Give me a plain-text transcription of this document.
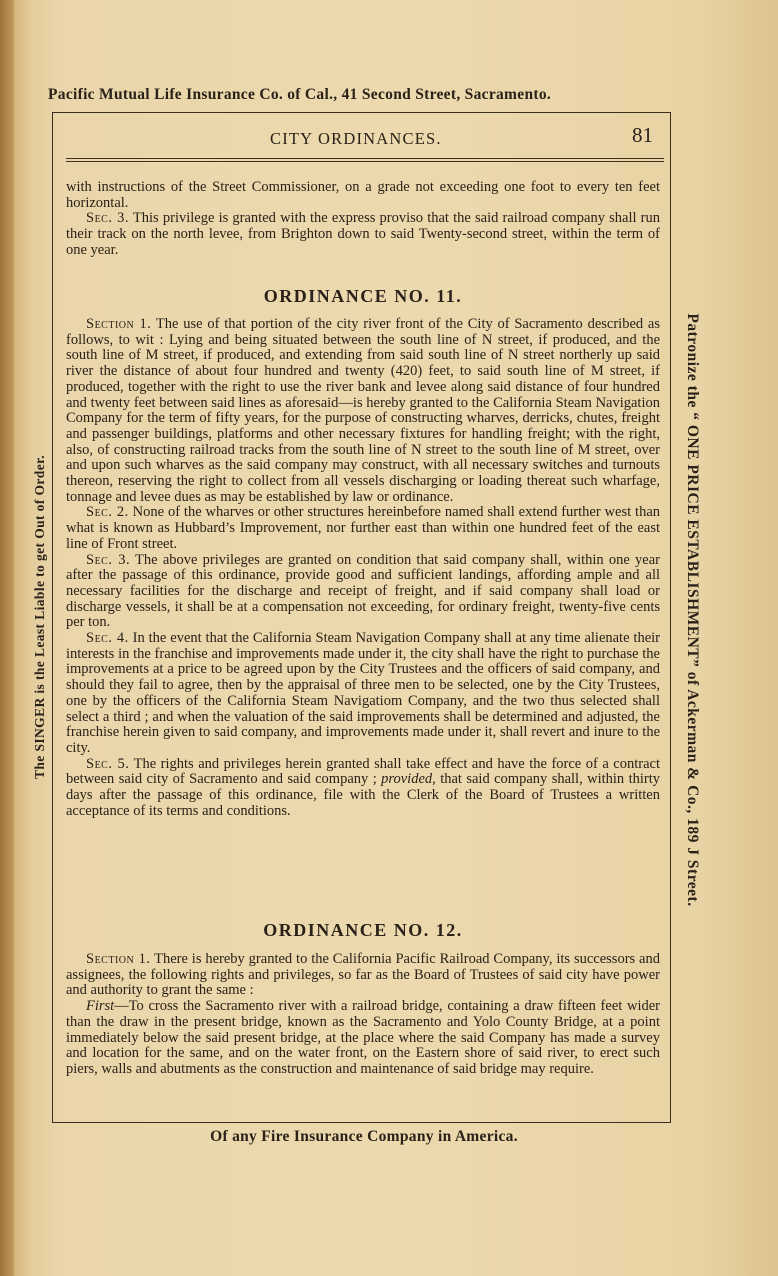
Pacific Mutual Life Insurance Co. of Cal., 41 Second Street, Sacramento.
The SINGER is the Least Liable to get Out of Order.	Patronize the “ ONE PRICE ESTABLISHMENT” of Ackerman & Co., 189 J Street.
CITY ORDINANCES.	81

with instructions of the Street Commissioner, on a grade not exceeding one foot to every ten feet horizontal.

Sec. 3. This privilege is granted with the express proviso that the said railroad company shall run their track on the north levee, from Brighton down to said Twenty-second street, within the term of one year.

ORDINANCE NO. 11.

Section 1. The use of that portion of the city river front of the City of Sacramento described as follows, to wit : Lying and being situated between the south line of N street, if produced, and the south line of M street, if produced, and extending from said south line of N street northerly up said river the distance of about four hundred and twenty (420) feet, to said south line of M street, if produced, together with the right to use the river bank and levee along said distance of four hundred and twenty feet between said lines as aforesaid—is hereby granted to the California Steam Navigation Company for the term of fifty years, for the purpose of constructing wharves, derricks, chutes, freight and passenger buildings, platforms and other necessary fixtures for handling freight; with the right, also, of constructing railroad tracks from the south line of N street to the south line of M street, over and upon such wharves as the said company may construct, with all necessary switches and turnouts thereon, reserving the right to collect from all vessels discharging or loading thereat such wharfage, tonnage and levee dues as may be established by law or ordinance.

Sec. 2. None of the wharves or other structures hereinbefore named shall extend further west than what is known as Hubbard’s Improvement, nor further east than within one hundred feet of the east line of Front street.

Sec. 3. The above privileges are granted on condition that said company shall, within one year after the passage of this ordinance, provide good and sufficient landings, affording ample and all necessary facilities for the discharge and receipt of freight, and if said company shall load or discharge vessels, it shall be at a compensation not exceeding, for ordinary freight, twenty-five cents per ton.

Sec. 4. In the event that the California Steam Navigation Company shall at any time alienate their interests in the franchise and improvements made under it, the city shall have the right to purchase the improvements at a price to be agreed upon by the City Trustees and the officers of said company, and should they fail to agree, then by the appraisal of three men to be selected, one by the City Trustees, one by the officers of the California Steam Navigatiom Company, and the two thus selected shall select a third ; and when the valuation of the said improvements shall be determined and adjusted, the franchise herein given to said company, and improvements made under it, shall revert and inure to the city.

Sec. 5. The rights and privileges herein granted shall take effect and have the force of a contract between said city of Sacramento and said company ; provided, that said company shall, within thirty days after the passage of this ordinance, file with the Clerk of the Board of Trustees a written acceptance of its terms and conditions.

ORDINANCE NO. 12.

Section 1. There is hereby granted to the California Pacific Railroad Company, its successors and assignees, the following rights and privileges, so far as the Board of Trustees of said city have power and authority to grant the same :

First—To cross the Sacramento river with a railroad bridge, containing a draw fifteen feet wider than the draw in the present bridge, known as the Sacramento and Yolo County Bridge, at a point immediately below the said present bridge, at the place where the said Company has made a survey and location for the same, and on the water front, on the Eastern shore of said river, to erect such piers, walls and abutments as the construction and maintenance of said bridge may require.

Of any Fire Insurance Company in America.
